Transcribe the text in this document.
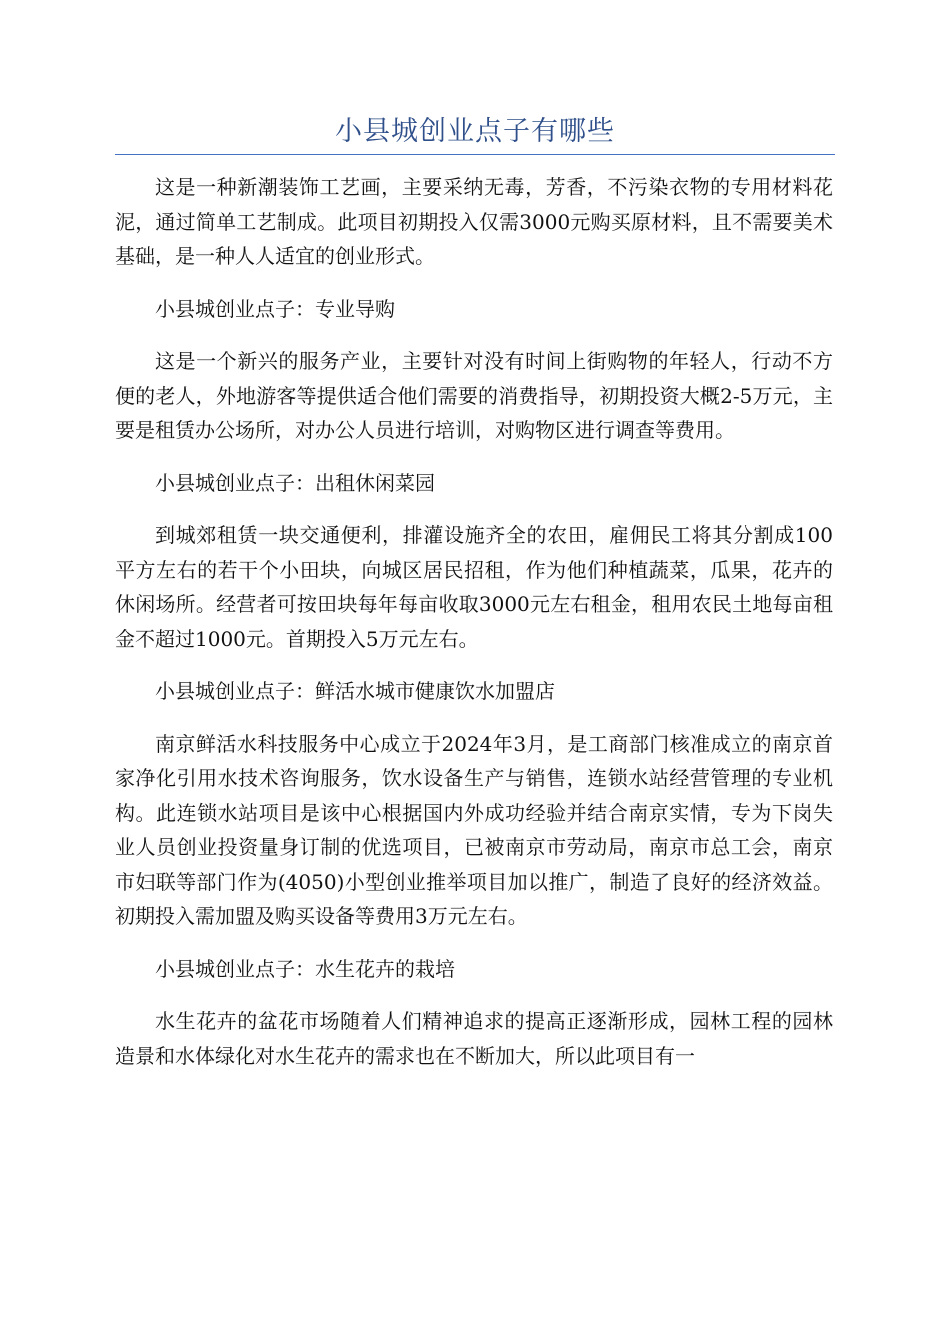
小县城创业点子有哪些

这是一种新潮装饰工艺画，主要采纳无毒，芳香，不污染衣物的专用材料花泥，通过简单工艺制成。此项目初期投入仅需3000元购买原材料，且不需要美术基础，是一种人人适宜的创业形式。

小县城创业点子：专业导购

这是一个新兴的服务产业，主要针对没有时间上街购物的年轻人，行动不方便的老人，外地游客等提供适合他们需要的消费指导，初期投资大概2-5万元，主要是租赁办公场所，对办公人员进行培训，对购物区进行调查等费用。

小县城创业点子：出租休闲菜园

到城郊租赁一块交通便利，排灌设施齐全的农田，雇佣民工将其分割成100平方左右的若干个小田块，向城区居民招租，作为他们种植蔬菜，瓜果，花卉的休闲场所。经营者可按田块每年每亩收取3000元左右租金，租用农民土地每亩租金不超过1000元。首期投入5万元左右。

小县城创业点子：鲜活水城市健康饮水加盟店

南京鲜活水科技服务中心成立于2024年3月，是工商部门核准成立的南京首家净化引用水技术咨询服务，饮水设备生产与销售，连锁水站经营管理的专业机构。此连锁水站项目是该中心根据国内外成功经验并结合南京实情，专为下岗失业人员创业投资量身订制的优选项目，已被南京市劳动局，南京市总工会，南京市妇联等部门作为(4050)小型创业推举项目加以推广，制造了良好的经济效益。初期投入需加盟及购买设备等费用3万元左右。

小县城创业点子：水生花卉的栽培

水生花卉的盆花市场随着人们精神追求的提高正逐渐形成，园林工程的园林造景和水体绿化对水生花卉的需求也在不断加大，所以此项目有一
